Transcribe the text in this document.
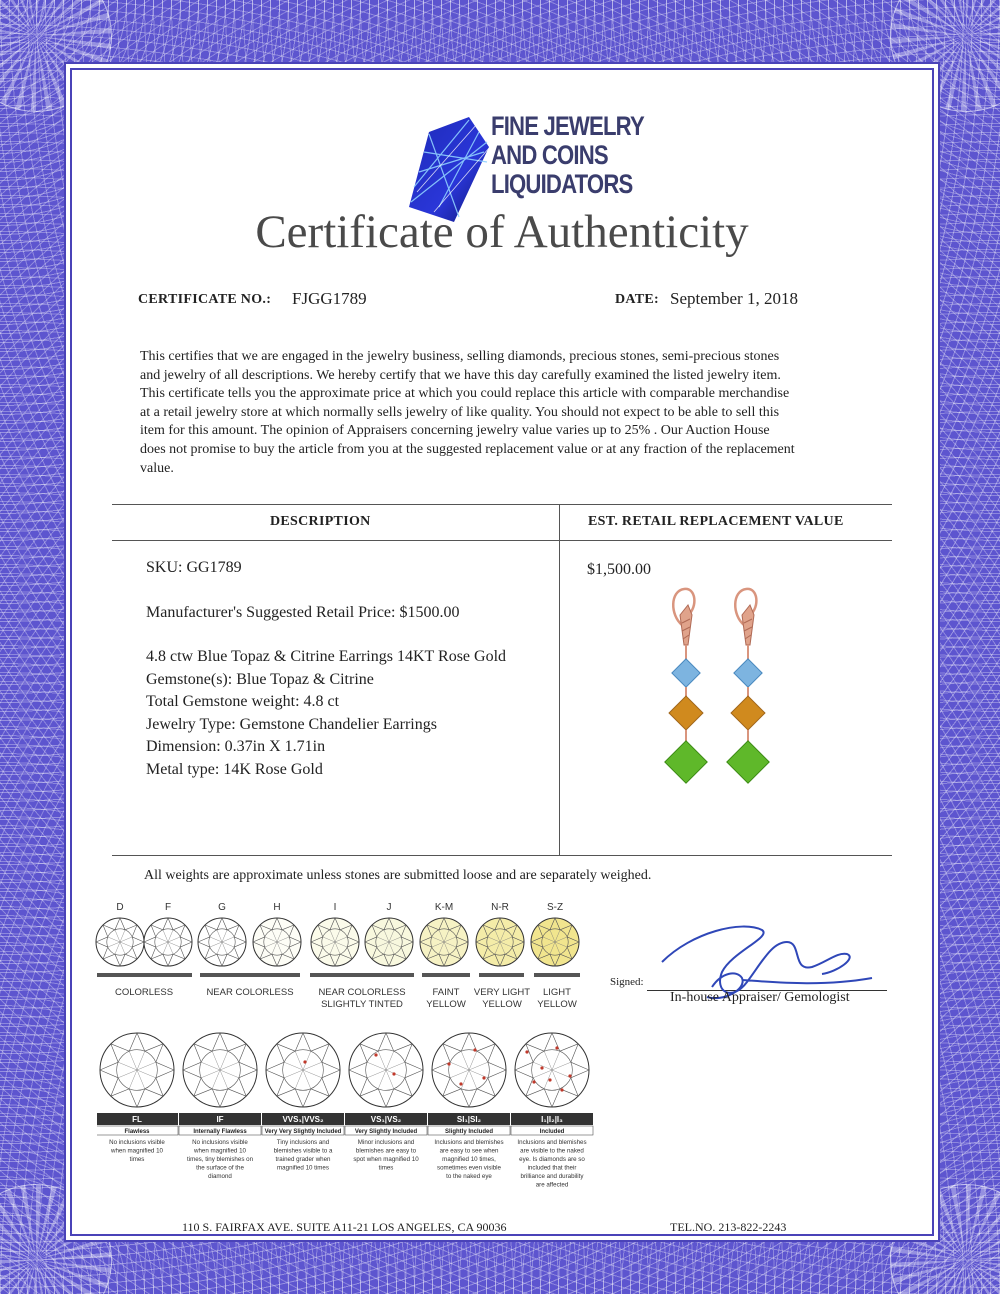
FINE JEWELRY
AND COINS
LIQUIDATORS
Certificate of Authenticity
CERTIFICATE NO.: FJGG1789	DATE: September 1, 2018
This certifies that we are engaged in the jewelry business, selling diamonds, precious stones, semi-precious stones
and jewelry of all descriptions. We hereby certify that we have this day carefully examined the listed jewelry item.
This certificate tells you the approximate price at which you could replace this article with comparable merchandise
at a retail jewelry store at which normally sells jewelry of like quality. You should not expect to be able to sell this
item for this amount. The opinion of Appraisers concerning jewelry value varies up to 25% . Our Auction House
does not promise to buy the article from you at the suggested replacement value or at any fraction of the replacement
value.
DESCRIPTION	EST. RETAIL REPLACEMENT VALUE
SKU: GG1789
Manufacturer's Suggested Retail Price: $1500.00
4.8 ctw Blue Topaz & Citrine Earrings 14KT Rose Gold
Gemstone(s): Blue Topaz & Citrine
Total Gemstone weight: 4.8 ct
Jewelry Type: Gemstone Chandelier Earrings
Dimension: 0.37in X 1.71in
Metal type: 14K Rose Gold
$1,500.00
All weights are approximate unless stones are submitted loose and are separately weighed.
D	F	G	H	I	J	K-M	N-R	S-Z
COLORLESS	NEAR COLORLESS	NEAR COLORLESS
SLIGHTLY TINTED
FAINT
YELLOW
VERY LIGHT
YELLOW
LIGHT
YELLOW
FL
Flawless
No inclusions visible
when magnified 10
times
IF
Internally Flawless
No inclusions visible
when magnified 10
times, tiny blemishes on
the surface of the
diamond
VVS₁|VVS₂
Very Very Slightly Included
Tiny inclusions and
blemishes visible to a
trained grader when
magnified 10 times
VS₁|VS₂
Very Slightly Included
Minor inclusions and
blemishes are easy to
spot when magnified 10
times
SI₁|SI₂
Slightly Included
Inclusions and blemishes
are easy to see when
magnified 10 times,
sometimes even visible
to the naked eye
I₁|I₂|I₃
Included
Inclusions and blemishes
are visible to the naked
eye. Is diamonds are so
included that their
brilliance and durability
are affected
Signed:
In-house Appraiser/ Gemologist
110 S. FAIRFAX AVE. SUITE A11-21 LOS ANGELES, CA 90036	TEL.NO. 213-822-2243
